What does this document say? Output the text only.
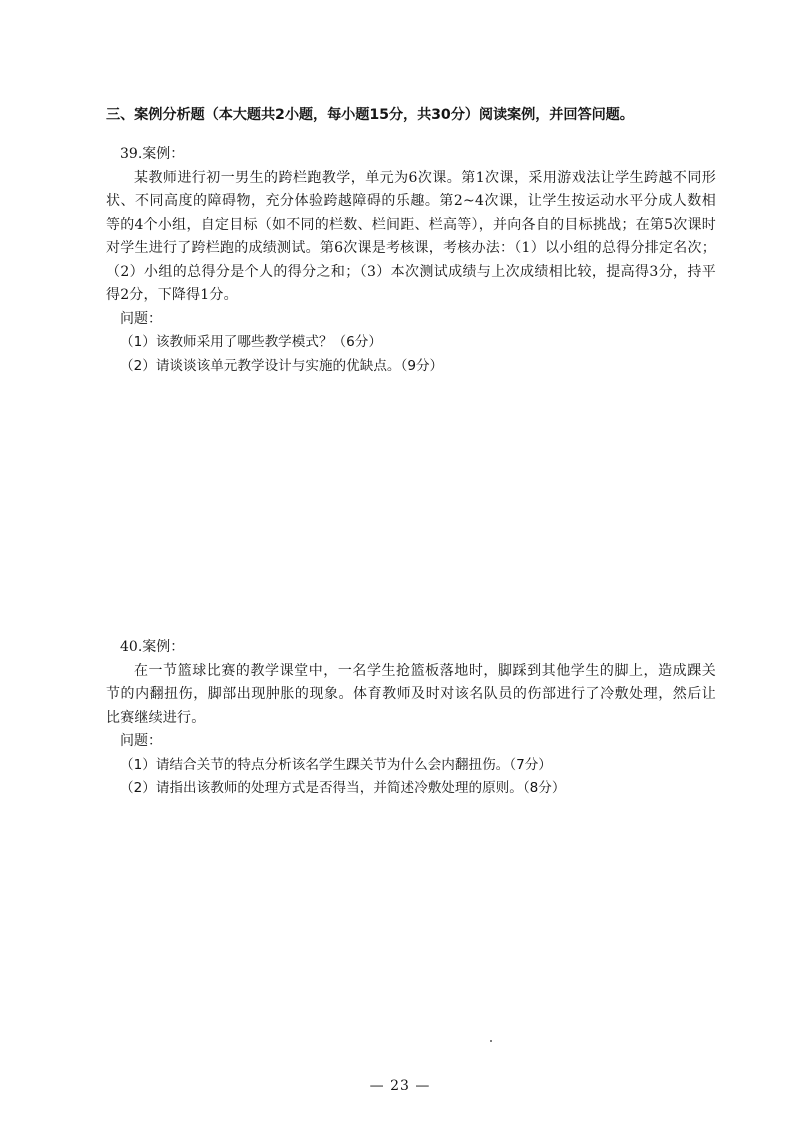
三、案例分析题（本大题共2小题，每小题15分，共30分）阅读案例，并回答问题。
39.案例：
某教师进行初一男生的跨栏跑教学，单元为6次课。第1次课，采用游戏法让学生跨越不同形状、不同高度的障碍物，充分体验跨越障碍的乐趣。第2~4次课，让学生按运动水平分成人数相等的4个小组，自定目标（如不同的栏数、栏间距、栏高等），并向各自的目标挑战；在第5次课时对学生进行了跨栏跑的成绩测试。第6次课是考核课，考核办法：（1）以小组的总得分排定名次；（2）小组的总得分是个人的得分之和；（3）本次测试成绩与上次成绩相比较，提高得3分，持平得2分，下降得1分。
问题：
（1）该教师采用了哪些教学模式？（6分）
（2）请谈谈该单元教学设计与实施的优缺点。（9分）
40.案例：
在一节篮球比赛的教学课堂中，一名学生抢篮板落地时，脚踩到其他学生的脚上，造成踝关节的内翻扭伤，脚部出现肿胀的现象。体育教师及时对该名队员的伤部进行了冷敷处理，然后让比赛继续进行。
问题：
（1）请结合关节的特点分析该名学生踝关节为什么会内翻扭伤。（7分）
（2）请指出该教师的处理方式是否得当，并简述冷敷处理的原则。（8分）
— 23 —
